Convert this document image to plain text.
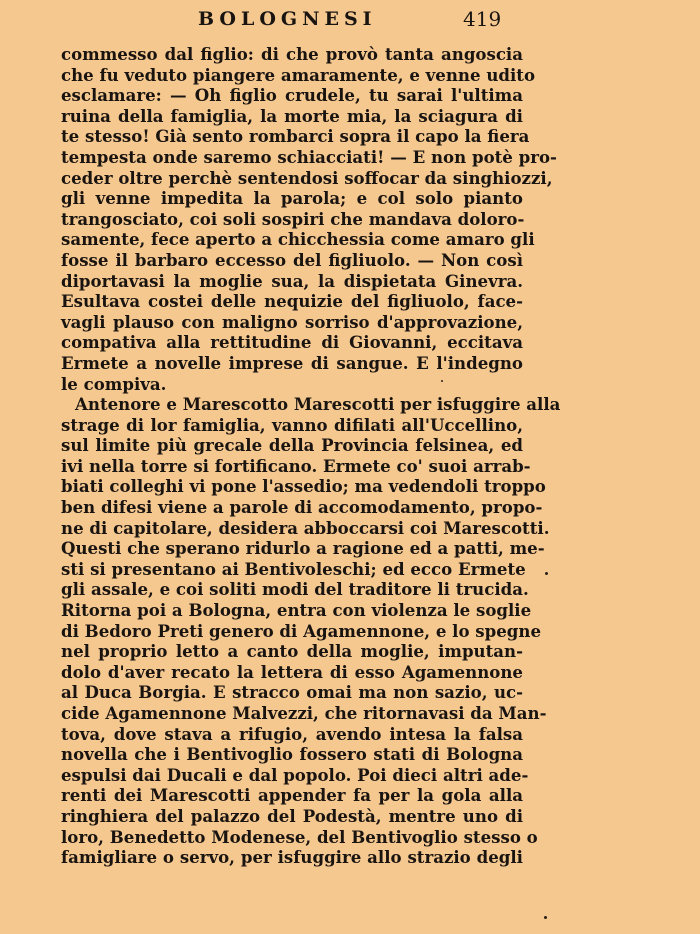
BOLOGNESI	419
commesso dal figlio: di che provò tanta angoscia
che fu veduto piangere amaramente, e venne udito
esclamare: — Oh figlio crudele, tu sarai l'ultima
ruina della famiglia, la morte mia, la sciagura di
te stesso! Già sento rombarci sopra il capo la fiera
tempesta onde saremo schiacciati! — E non potè pro-
ceder oltre perchè sentendosi soffocar da singhiozzi,
gli venne impedita la parola; e col solo pianto
trangosciato, coi soli sospiri che mandava doloro-
samente, fece aperto a chicchessia come amaro gli
fosse il barbaro eccesso del figliuolo. — Non così
diportavasi la moglie sua, la dispietata Ginevra.
Esultava costei delle nequizie del figliuolo, face-
vagli plauso con maligno sorriso d'approvazione,
compativa alla rettitudine di Giovanni, eccitava
Ermete a novelle imprese di sangue. E l'indegno
le compiva.
Antenore e Marescotto Marescotti per isfuggire alla
strage di lor famiglia, vanno difilati all'Uccellino,
sul limite più grecale della Provincia felsinea, ed
ivi nella torre si fortificano. Ermete co' suoi arrab-
biati colleghi vi pone l'assedio; ma vedendoli troppo
ben difesi viene a parole di accomodamento, propo-
ne di capitolare, desidera abboccarsi coi Marescotti.
Questi che sperano ridurlo a ragione ed a patti, me-
sti si presentano ai Bentivoleschi; ed ecco Ermete
gli assale, e coi soliti modi del traditore li trucida.
Ritorna poi a Bologna, entra con violenza le soglie
di Bedoro Preti genero di Agamennone, e lo spegne
nel proprio letto a canto della moglie, imputan-
dolo d'aver recato la lettera di esso Agamennone
al Duca Borgia. E stracco omai ma non sazio, uc-
cide Agamennone Malvezzi, che ritornavasi da Man-
tova, dove stava a rifugio, avendo intesa la falsa
novella che i Bentivoglio fossero stati di Bologna
espulsi dai Ducali e dal popolo. Poi dieci altri ade-
renti dei Marescotti appender fa per la gola alla
ringhiera del palazzo del Podestà, mentre uno di
loro, Benedetto Modenese, del Bentivoglio stesso o
famigliare o servo, per isfuggire allo strazio degli
